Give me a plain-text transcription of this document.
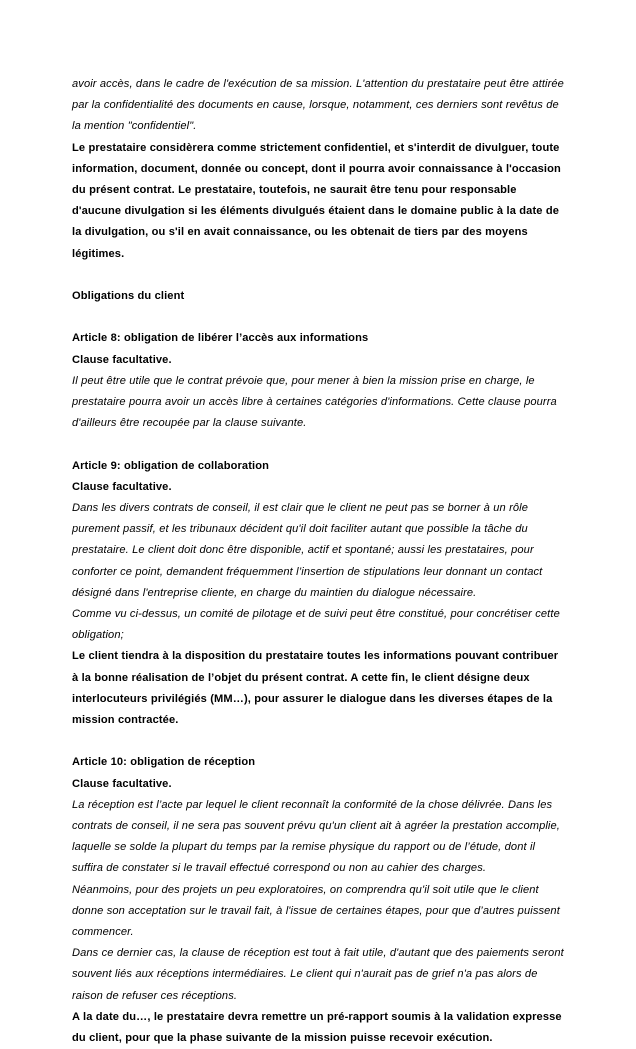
avoir accès, dans le cadre de l'exécution de sa mission. L'attention du prestataire peut être attirée par la confidentialité des documents en cause, lorsque, notamment, ces derniers sont revêtus de la mention "confidentiel".
Le prestataire considèrera comme strictement confidentiel, et s'interdit de divulguer, toute information, document, donnée ou concept, dont il pourra avoir connaissance à l'occasion du présent contrat. Le prestataire, toutefois, ne saurait être tenu pour responsable d'aucune divulgation si les éléments divulgués étaient dans le domaine public à la date de la divulgation, ou s'il en avait connaissance, ou les obtenait de tiers par des moyens légitimes.
Obligations du client
Article 8: obligation de libérer l’accès aux informations
Clause facultative.
Il peut être utile que le contrat prévoie que, pour mener à bien la mission prise en charge, le prestataire pourra avoir un accès libre à certaines catégories d'informations. Cette clause pourra d'ailleurs être recoupée par la clause suivante.
Article 9: obligation de collaboration
Clause facultative.
Dans les divers contrats de conseil, il est clair que le client ne peut pas se borner à un rôle purement passif, et les tribunaux décident qu'il doit faciliter autant que possible la tâche du prestataire. Le client doit donc être disponible, actif et spontané; aussi les prestataires, pour conforter ce point, demandent fréquemment l’insertion de stipulations leur donnant un contact désigné dans l'entreprise cliente, en charge du maintien du dialogue nécessaire.
Comme vu ci-dessus, un comité de pilotage et de suivi peut être constitué, pour concrétiser cette obligation;
Le client tiendra à la disposition du prestataire toutes les informations pouvant contribuer à la bonne réalisation de l’objet du présent contrat. A cette fin, le client désigne deux interlocuteurs privilégiés (MM…), pour assurer le dialogue dans les diverses étapes de la mission contractée.
Article 10: obligation de réception
Clause facultative.
La réception est l’acte par lequel le client reconnaît la conformité de la chose délivrée. Dans les contrats de conseil, il ne sera pas souvent prévu qu'un client ait à agréer la prestation accomplie, laquelle se solde la plupart du temps par la remise physique du rapport ou de l’étude, dont il suffira de constater si le travail effectué correspond ou non au cahier des charges.
Néanmoins, pour des projets un peu exploratoires, on comprendra qu'il soit utile que le client donne son acceptation sur le travail fait, à l'issue de certaines étapes, pour que d’autres puissent commencer.
Dans ce dernier cas, la clause de réception est tout à fait utile, d'autant que des paiements seront souvent liés aux réceptions intermédiaires. Le client qui n'aurait pas de grief n'a pas alors de raison de refuser ces réceptions.
A la date du…, le prestataire devra remettre un pré-rapport soumis à la validation expresse du client, pour que la phase suivante de la mission puisse recevoir exécution.
